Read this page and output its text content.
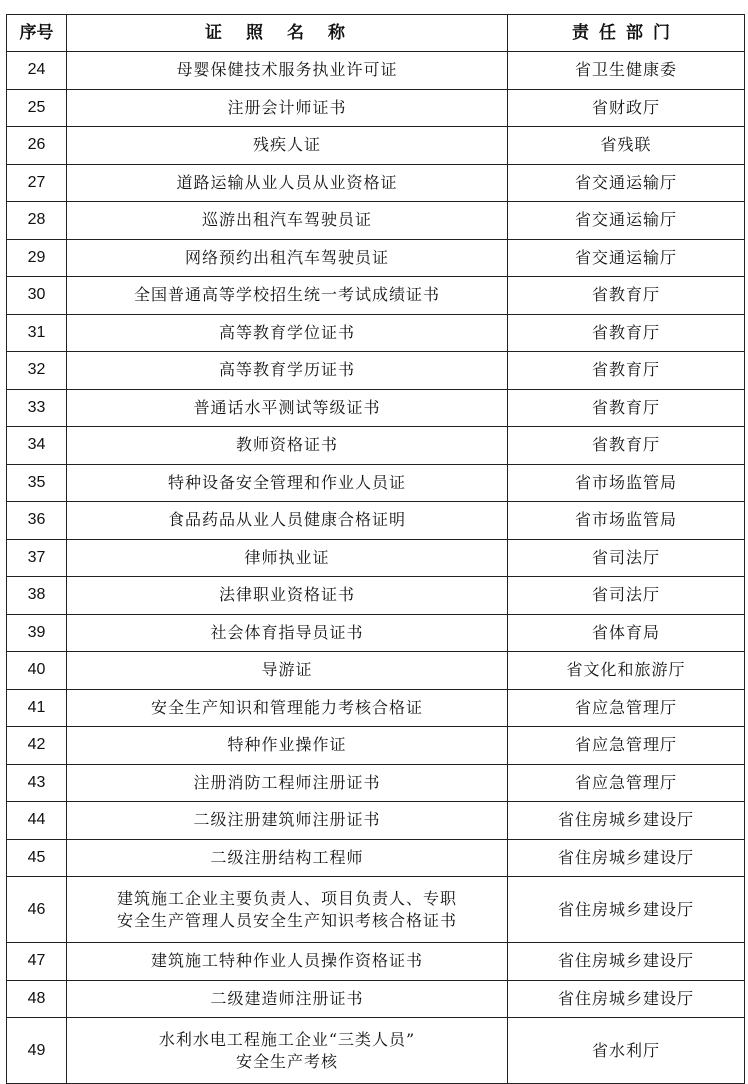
序号	证照名称	责任部门
24	母婴保健技术服务执业许可证	省卫生健康委
25	注册会计师证书	省财政厅
26	残疾人证	省残联
27	道路运输从业人员从业资格证	省交通运输厅
28	巡游出租汽车驾驶员证	省交通运输厅
29	网络预约出租汽车驾驶员证	省交通运输厅
30	全国普通高等学校招生统一考试成绩证书	省教育厅
31	高等教育学位证书	省教育厅
32	高等教育学历证书	省教育厅
33	普通话水平测试等级证书	省教育厅
34	教师资格证书	省教育厅
35	特种设备安全管理和作业人员证	省市场监管局
36	食品药品从业人员健康合格证明	省市场监管局
37	律师执业证	省司法厅
38	法律职业资格证书	省司法厅
39	社会体育指导员证书	省体育局
40	导游证	省文化和旅游厅
41	安全生产知识和管理能力考核合格证	省应急管理厅
42	特种作业操作证	省应急管理厅
43	注册消防工程师注册证书	省应急管理厅
44	二级注册建筑师注册证书	省住房城乡建设厅
45	二级注册结构工程师	省住房城乡建设厅
46	建筑施工企业主要负责人、项目负责人、专职
安全生产管理人员安全生产知识考核合格证书	省住房城乡建设厅
47	建筑施工特种作业人员操作资格证书	省住房城乡建设厅
48	二级建造师注册证书	省住房城乡建设厅
49	水利水电工程施工企业“三类人员”
安全生产考核	省水利厅
